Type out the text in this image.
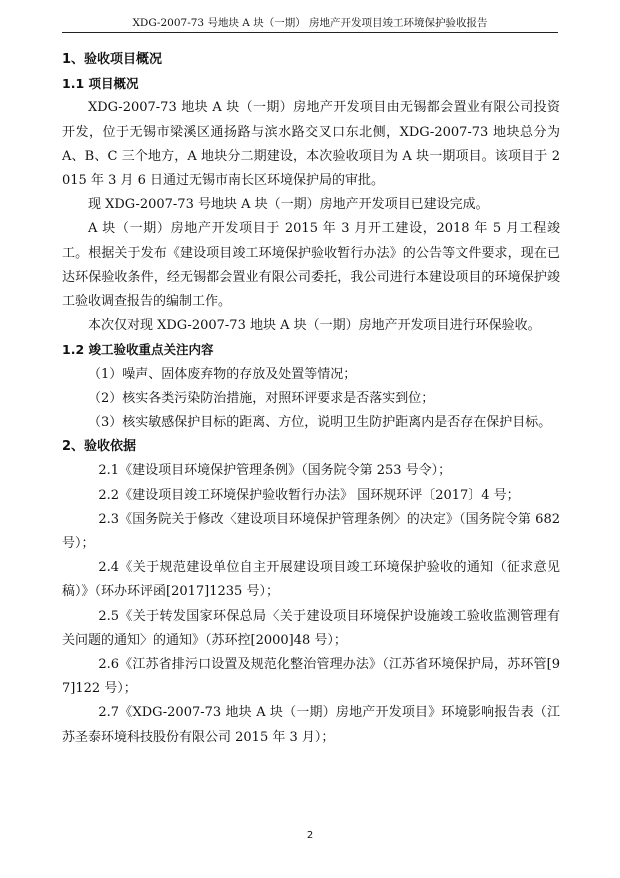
XDG-2007-73 号地块 A 块（一期） 房地产开发项目竣工环境保护验收报告

1、验收项目概况

1.1 项目概况

XDG-2007-73 地块 A 块（一期）房地产开发项目由无锡都会置业有限公司投资开发，位于无锡市梁溪区通扬路与滨水路交叉口东北侧，XDG-2007-73 地块总分为 A、B、C 三个地方，A 地块分二期建设，本次验收项目为 A 块一期项目。该项目于 2015 年 3 月 6 日通过无锡市南长区环境保护局的审批。

现 XDG-2007-73 号地块 A 块（一期）房地产开发项目已建设完成。

A 块（一期）房地产开发项目于 2015 年 3 月开工建设，2018 年 5 月工程竣工。根据关于发布《建设项目竣工环境保护验收暂行办法》的公告等文件要求，现在已达环保验收条件，经无锡都会置业有限公司委托，我公司进行本建设项目的环境保护竣工验收调查报告的编制工作。

本次仅对现 XDG-2007-73 地块 A 块（一期）房地产开发项目进行环保验收。

1.2 竣工验收重点关注内容

（1）噪声、固体废弃物的存放及处置等情况；

（2）核实各类污染防治措施，对照环评要求是否落实到位；

（3）核实敏感保护目标的距离、方位，说明卫生防护距离内是否存在保护目标。

2、验收依据

2.1《建设项目环境保护管理条例》（国务院令第 253 号令）；

2.2《建设项目竣工环境保护验收暂行办法》 国环规环评〔2017〕4 号；

2.3《国务院关于修改〈建设项目环境保护管理条例〉的决定》（国务院令第 682 号）；

2.4《关于规范建设单位自主开展建设项目竣工环境保护验收的通知（征求意见稿）》（环办环评函[2017]1235 号）；

2.5《关于转发国家环保总局〈关于建设项目环境保护设施竣工验收监测管理有关问题的通知〉的通知》（苏环控[2000]48 号）；

2.6《江苏省排污口设置及规范化整治管理办法》（江苏省环境保护局，苏环管[97]122 号）；

2.7《XDG-2007-73 地块 A 块（一期）房地产开发项目》环境影响报告表（江苏圣泰环境科技股份有限公司 2015 年 3 月）；

2
